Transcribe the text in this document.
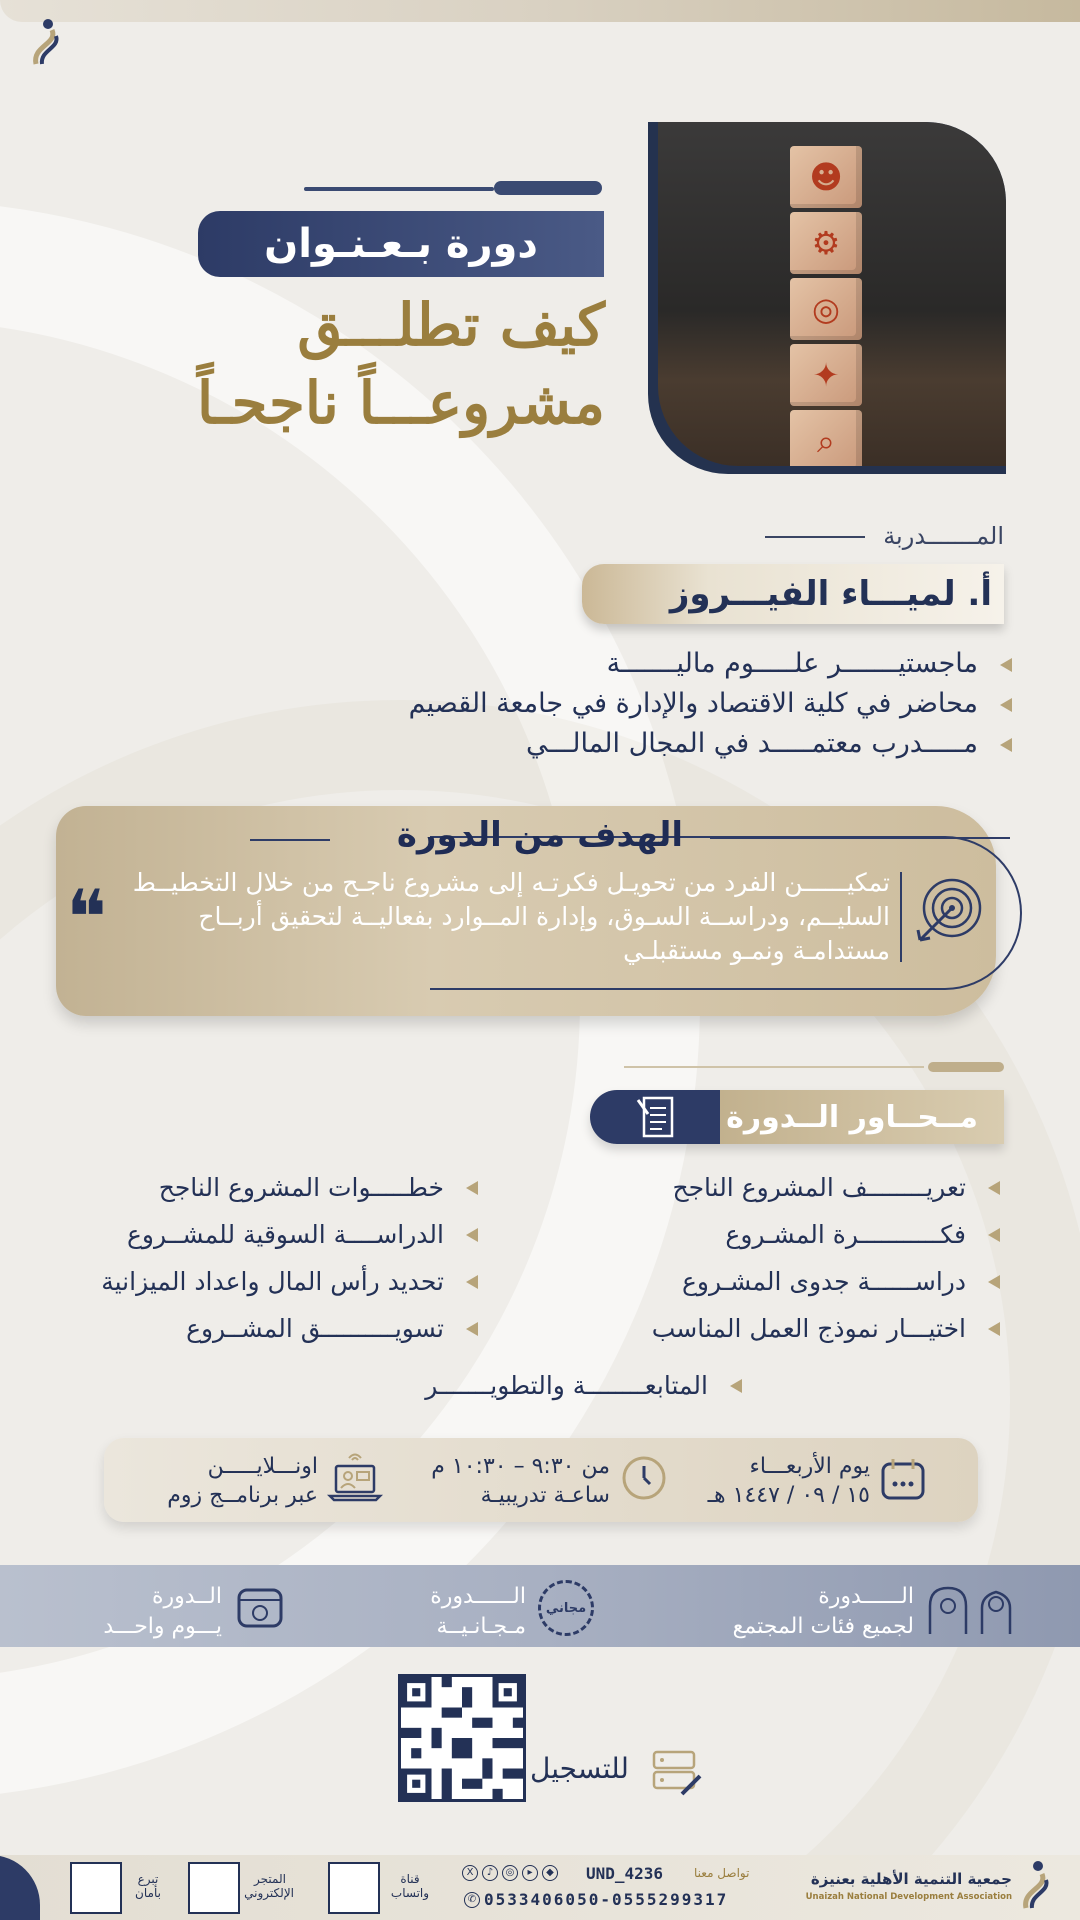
☻
⚙
◎
✦
⌕
دورة بـعـنـوان
كيف تطلـــق
مشروعـــاً ناجحـاً
المـــــــدربة
أ. لميـــاء الفيـــروز
ماجستيـــــــر علـــــوم ماليـــــــة
محاضر في كلية الاقتصاد والإدارة في جامعة القصيم
مـــــدرب معتمـــــد في المجال المالـــي
الهدف من الدورة
تمكيــــــن الفرد من تحويـل فكرتـه إلى مشروع ناجـح من خلال التخطيــط السليــم، ودراســة السـوق، وإدارة المــوارد بفعاليــة لتحقيق أربــاح مستدامـة ونمـو مستقبلـي
❝
مــحــاور الــدورة
تعريــــــــف المشروع الناجح
فكـــــــــــرة المشـروع
دراســــــة جدوى المشـروع
اختيـــار نموذج العمل المناسب
خطـــــوات المشروع الناجح
الدراســــة السوقية للمشــروع
تحديد رأس المال واعداد الميزانية
تسويــــــــــق المشــروع
المتابعــــــــة والتطويـــــــر
يوم الأربعـــاء
١٥ / ٠٩ / ١٤٤٧ هـ
من ٩:٣٠ – ١٠:٣٠ م
ساعـة تدريبيـة
اونـــلايـــــن
عبر برنامــج زوم
الــــــدورة
لجميع فئات المجتمع
مجاني
الــــــدورة
مـجـانـيــة
الــدورة
يـــوم واحـــد
للتسجيل
تبرع بأمان
المتجر الإلكتروني
قناة واتساب
X	♪	◎	▸	◆ UND_4236	تواصل معنا
✆ 0533406050-0555299317
جمعية التنمية الأهلية بعنيزة
Unaizah National Development Association
